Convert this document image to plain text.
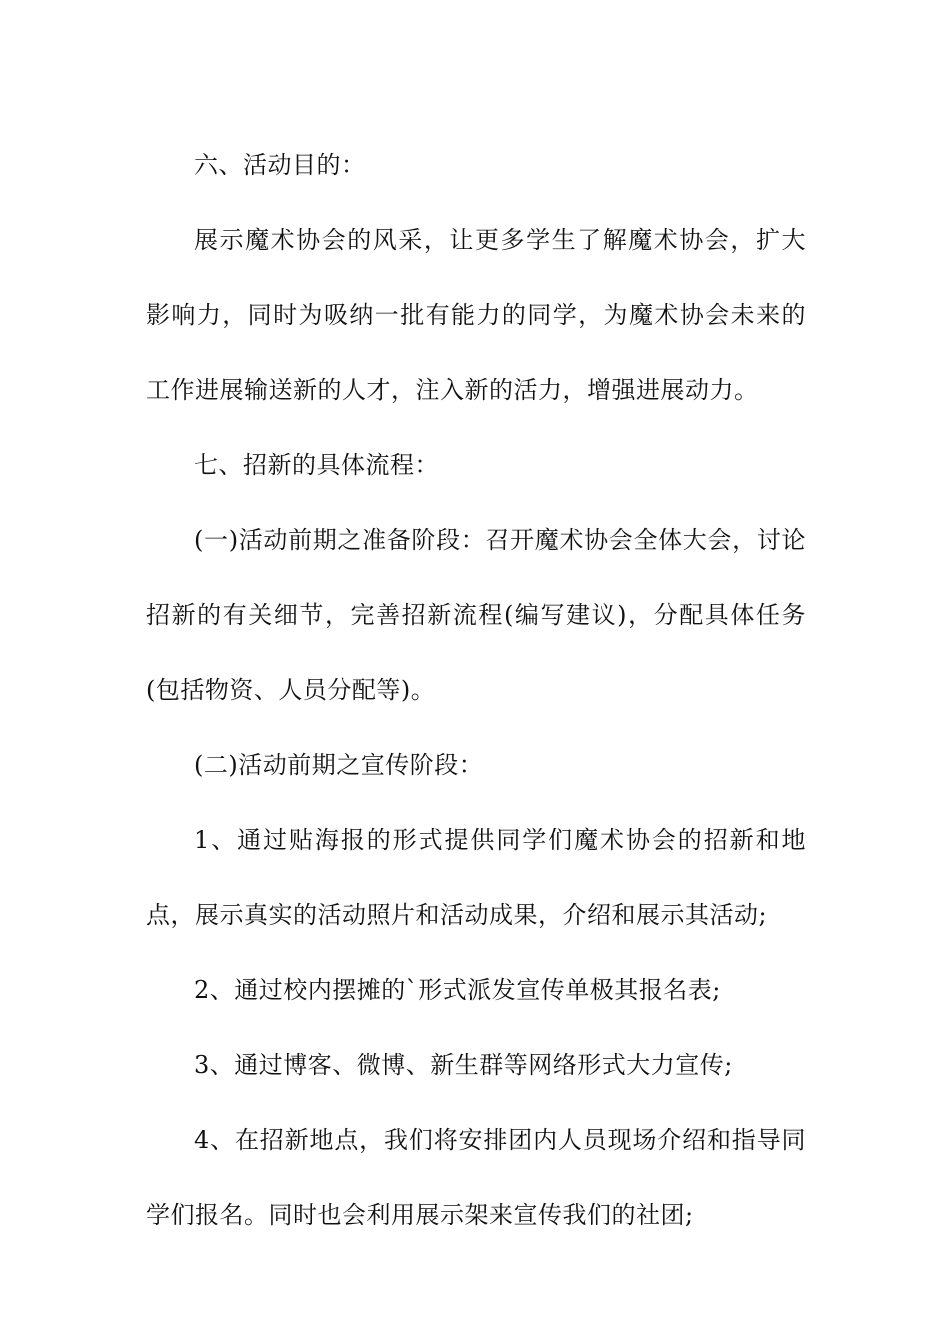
六、活动目的：

展示魔术协会的风采，让更多学生了解魔术协会，扩大影响力，同时为吸纳一批有能力的同学，为魔术协会未来的工作进展输送新的人才，注入新的活力，增强进展动力。

七、招新的具体流程：

(一)活动前期之准备阶段：召开魔术协会全体大会，讨论招新的有关细节，完善招新流程(编写建议)，分配具体任务(包括物资、人员分配等)。

(二)活动前期之宣传阶段：

1、通过贴海报的形式提供同学们魔术协会的招新和地点，展示真实的活动照片和活动成果，介绍和展示其活动;

2、通过校内摆摊的`形式派发宣传单极其报名表;

3、通过博客、微博、新生群等网络形式大力宣传;

4、在招新地点，我们将安排团内人员现场介绍和指导同学们报名。同时也会利用展示架来宣传我们的社团;
